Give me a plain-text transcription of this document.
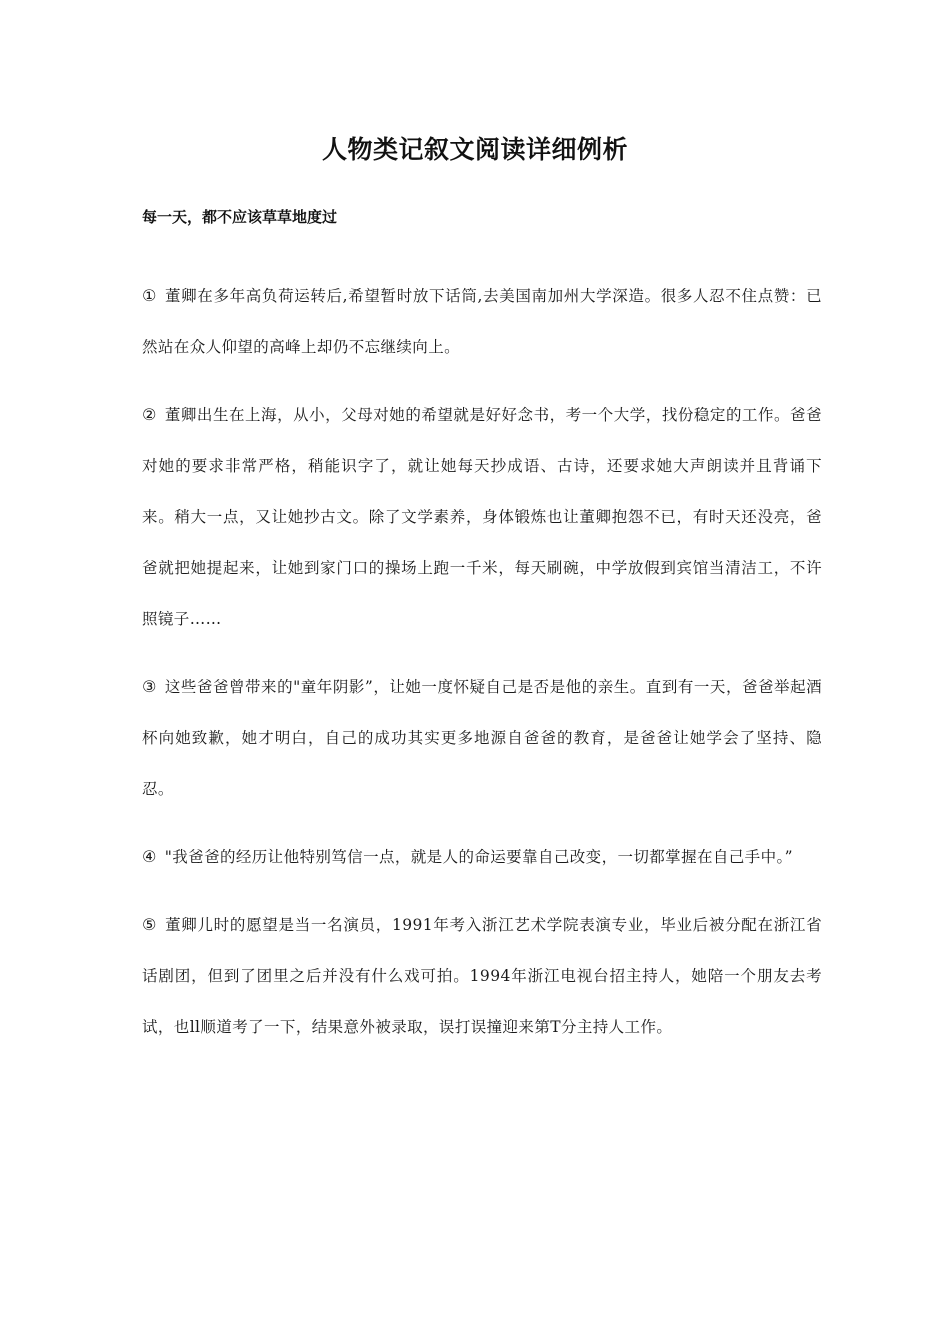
人物类记叙文阅读详细例析
每一天，都不应该草草地度过

① 董卿在多年高负荷运转后,希望暂时放下话筒,去美国南加州大学深造。很多人忍不住点赞：已然站在众人仰望的高峰上却仍不忘继续向上。

② 董卿出生在上海，从小，父母对她的希望就是好好念书，考一个大学，找份稳定的工作。爸爸对她的要求非常严格，稍能识字了，就让她每天抄成语、古诗，还要求她大声朗读并且背诵下来。稍大一点，又让她抄古文。除了文学素养，身体锻炼也让董卿抱怨不已，有时天还没亮，爸爸就把她提起来，让她到家门口的操场上跑一千米，每天刷碗，中学放假到宾馆当清洁工，不许照镜子……

③ 这些爸爸曾带来的"童年阴影”，让她一度怀疑自己是否是他的亲生。直到有一天，爸爸举起酒杯向她致歉，她才明白，自己的成功其实更多地源自爸爸的教育，是爸爸让她学会了坚持、隐忍。

④ "我爸爸的经历让他特别笃信一点，就是人的命运要靠自己改变，一切都掌握在自己手中。”

⑤ 董卿儿时的愿望是当一名演员，1991年考入浙江艺术学院表演专业，毕业后被分配在浙江省话剧团，但到了团里之后并没有什么戏可拍。1994年浙江电视台招主持人，她陪一个朋友去考试，也ll顺道考了一下，结果意外被录取，误打误撞迎来第T分主持人工作。
